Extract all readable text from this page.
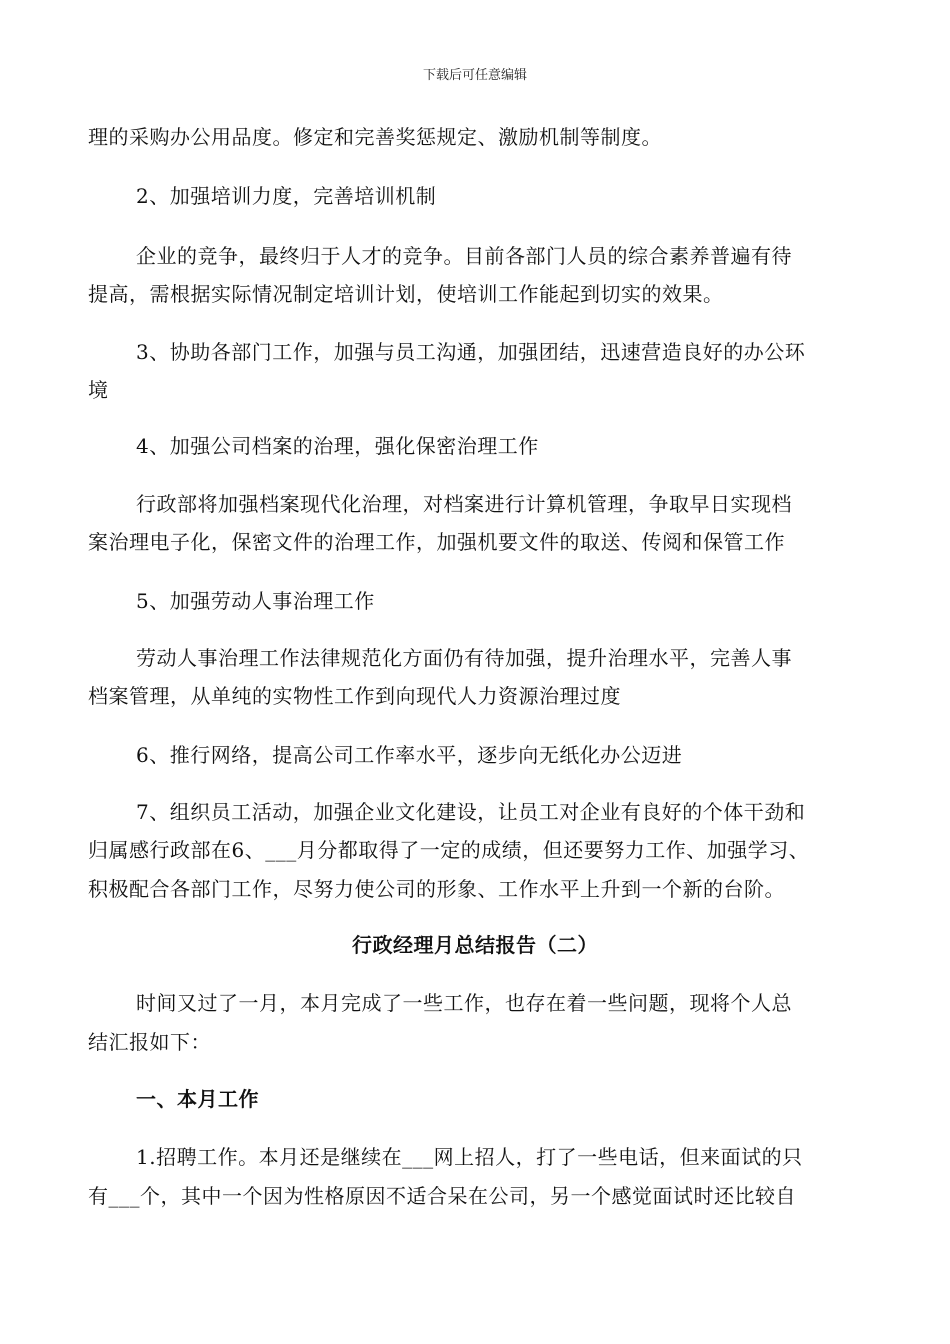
下载后可任意编辑
理的采购办公用品度。修定和完善奖惩规定、激励机制等制度。
2、加强培训力度，完善培训机制
企业的竞争，最终归于人才的竞争。目前各部门人员的综合素养普遍有待
提高，需根据实际情况制定培训计划，使培训工作能起到切实的效果。
3、协助各部门工作，加强与员工沟通，加强团结，迅速营造良好的办公环
境
4、加强公司档案的治理，强化保密治理工作
行政部将加强档案现代化治理，对档案进行计算机管理，争取早日实现档
案治理电子化，保密文件的治理工作，加强机要文件的取送、传阅和保管工作
5、加强劳动人事治理工作
劳动人事治理工作法律规范化方面仍有待加强，提升治理水平，完善人事
档案管理，从单纯的实物性工作到向现代人力资源治理过度
6、推行网络，提高公司工作率水平，逐步向无纸化办公迈进
7、组织员工活动，加强企业文化建设，让员工对企业有良好的个体干劲和
归属感行政部在6、___月分都取得了一定的成绩，但还要努力工作、加强学习、
积极配合各部门工作，尽努力使公司的形象、工作水平上升到一个新的台阶。
行政经理月总结报告（二）
时间又过了一月，本月完成了一些工作，也存在着一些问题，现将个人总
结汇报如下：
一、本月工作
1.招聘工作。本月还是继续在___网上招人，打了一些电话，但来面试的只
有___个，其中一个因为性格原因不适合呆在公司，另一个感觉面试时还比较自
